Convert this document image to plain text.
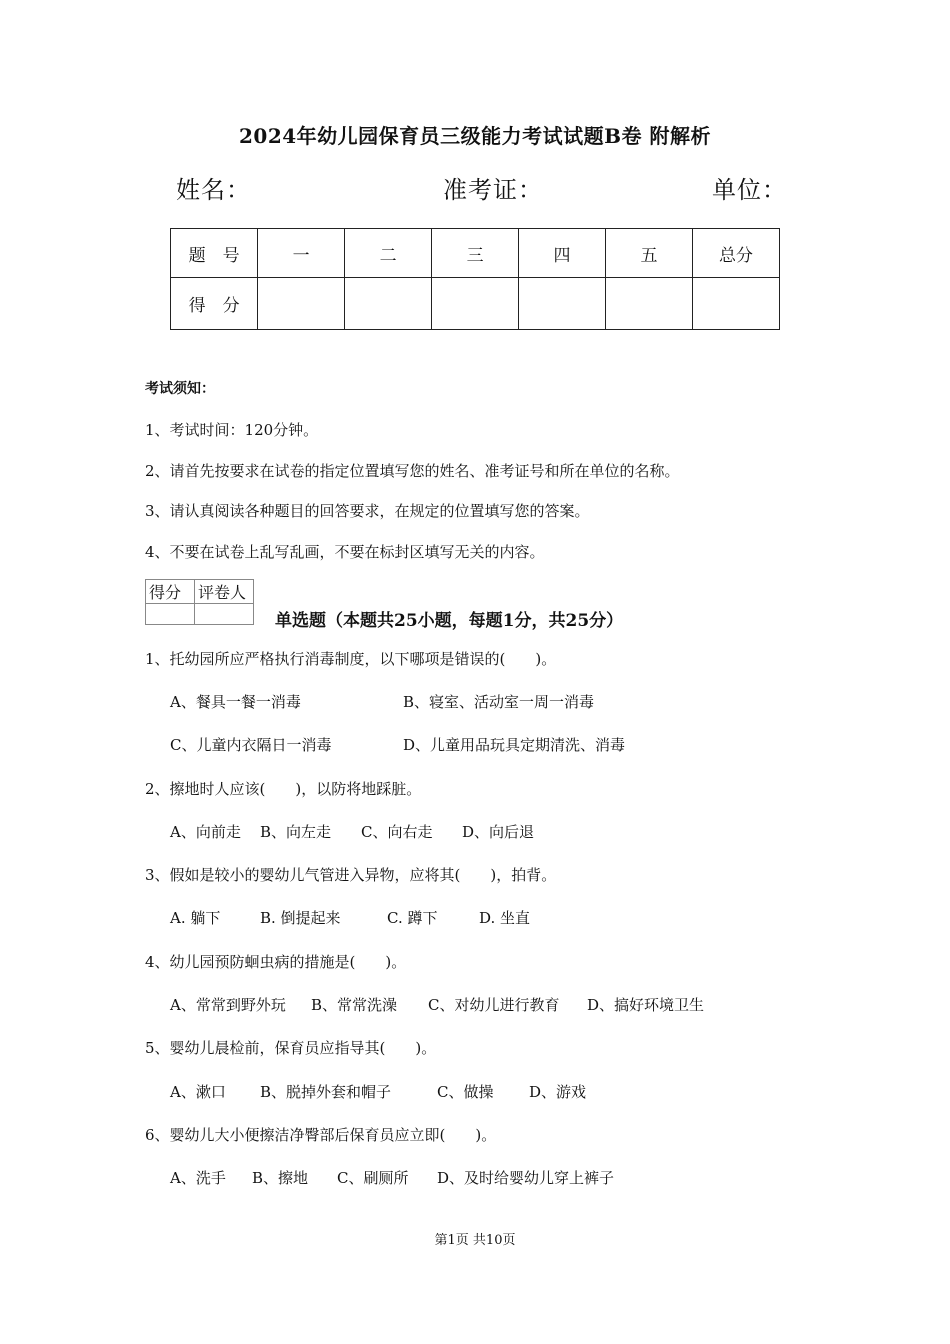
2024年幼儿园保育员三级能力考试试题B卷 附解析
姓名：	准考证：	单位：
题　号	一	二	三	四	五	总分
得　分						
考试须知：
1、考试时间：120分钟。
2、请首先按要求在试卷的指定位置填写您的姓名、准考证号和所在单位的名称。
3、请认真阅读各种题目的回答要求，在规定的位置填写您的答案。
4、不要在试卷上乱写乱画，不要在标封区填写无关的内容。
得分	评卷人

单选题（本题共25小题，每题1分，共25分）
1、托幼园所应严格执行消毒制度，以下哪项是错误的(　　)。
A、餐具一餐一消毒	B、寝室、活动室一周一消毒
C、儿童内衣隔日一消毒	D、儿童用品玩具定期清洗、消毒
2、擦地时人应该(　　)，以防将地踩脏。
A、向前走 B、向左走 C、向右走 D、向后退
3、假如是较小的婴幼儿气管进入异物，应将其(　　)，拍背。
A. 躺下	B. 倒提起来	C. 蹲下	D. 坐直
4、幼儿园预防蛔虫病的措施是(　　)。
A、常常到野外玩 B、常常洗澡 C、对幼儿进行教育 D、搞好环境卫生
5、婴幼儿晨检前，保育员应指导其(　　)。
A、漱口 B、脱掉外套和帽子	C、做操 D、游戏
6、婴幼儿大小便擦洁净臀部后保育员应立即(　　)。
A、洗手 B、擦地 C、刷厕所 D、及时给婴幼儿穿上裤子
第1页 共10页
